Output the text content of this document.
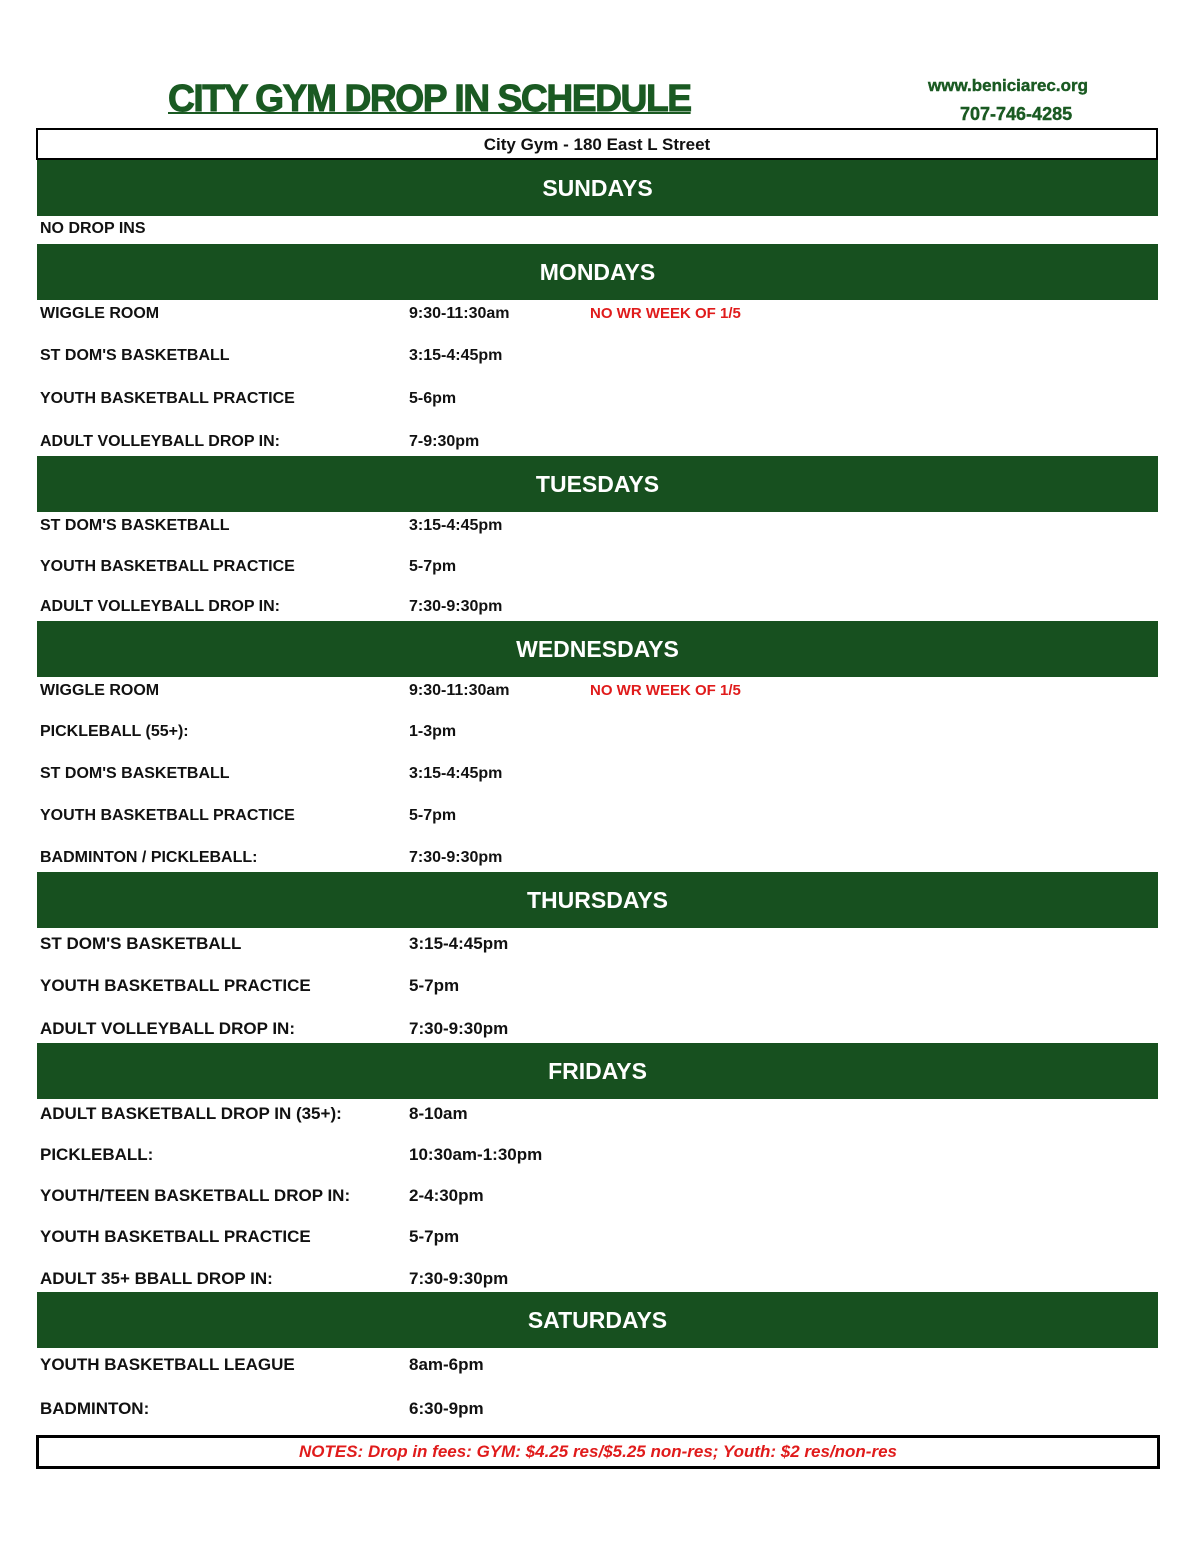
CITY GYM DROP IN SCHEDULE	www.beniciarec.org
707-746-4285
City Gym - 180 East L Street
SUNDAYS
NO DROP INS
MONDAYS
WIGGLE ROOM	9:30-11:30am	NO WR WEEK OF 1/5
ST DOM'S BASKETBALL	3:15-4:45pm
YOUTH BASKETBALL PRACTICE	5-6pm
ADULT VOLLEYBALL DROP IN:	7-9:30pm
TUESDAYS
ST DOM'S BASKETBALL	3:15-4:45pm
YOUTH BASKETBALL PRACTICE	5-7pm
ADULT VOLLEYBALL DROP IN:	7:30-9:30pm
WEDNESDAYS
WIGGLE ROOM	9:30-11:30am	NO WR WEEK OF 1/5
PICKLEBALL (55+):	1-3pm
ST DOM'S BASKETBALL	3:15-4:45pm
YOUTH BASKETBALL PRACTICE	5-7pm
BADMINTON / PICKLEBALL:	7:30-9:30pm
THURSDAYS
ST DOM'S BASKETBALL	3:15-4:45pm
YOUTH BASKETBALL PRACTICE	5-7pm
ADULT VOLLEYBALL DROP IN:	7:30-9:30pm
FRIDAYS
ADULT BASKETBALL DROP IN (35+):	8-10am
PICKLEBALL:	10:30am-1:30pm
YOUTH/TEEN BASKETBALL DROP IN:	2-4:30pm
YOUTH BASKETBALL PRACTICE	5-7pm
ADULT 35+ BBALL DROP IN:	7:30-9:30pm
SATURDAYS
YOUTH BASKETBALL LEAGUE	8am-6pm
BADMINTON:	6:30-9pm
NOTES: Drop in fees: GYM: $4.25 res/$5.25 non-res; Youth: $2 res/non-res
